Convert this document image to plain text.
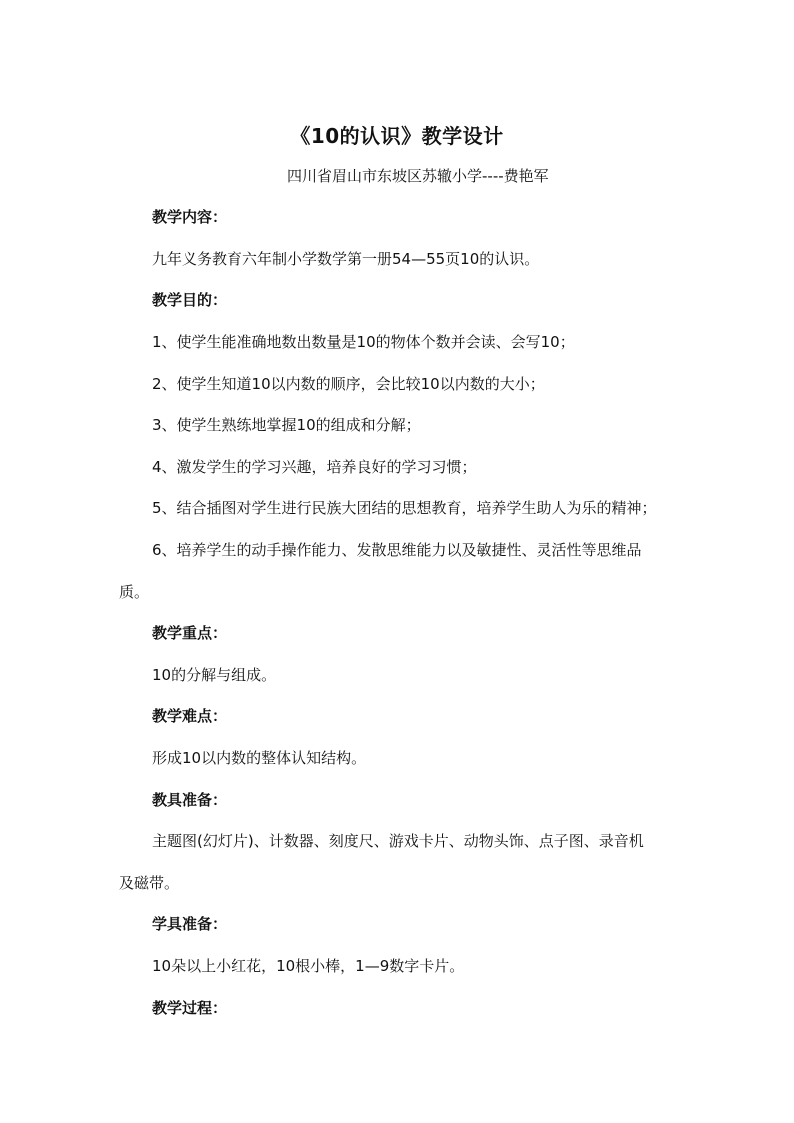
《10的认识》教学设计
四川省眉山市东坡区苏辙小学----费艳军
教学内容：
九年义务教育六年制小学数学第一册54—55页10的认识。
教学目的：
1、使学生能准确地数出数量是10的物体个数并会读、会写10；
2、使学生知道10以内数的顺序，会比较10以内数的大小；
3、使学生熟练地掌握10的组成和分解；
4、激发学生的学习兴趣，培养良好的学习习惯；
5、结合插图对学生进行民族大团结的思想教育，培养学生助人为乐的精神；
6、培养学生的动手操作能力、发散思维能力以及敏捷性、灵活性等思维品
质。
教学重点：
10的分解与组成。
教学难点：
形成10以内数的整体认知结构。
教具准备：
主题图(幻灯片)、计数器、刻度尺、游戏卡片、动物头饰、点子图、录音机
及磁带。
学具准备：
10朵以上小红花，10根小棒，1—9数字卡片。
教学过程：
